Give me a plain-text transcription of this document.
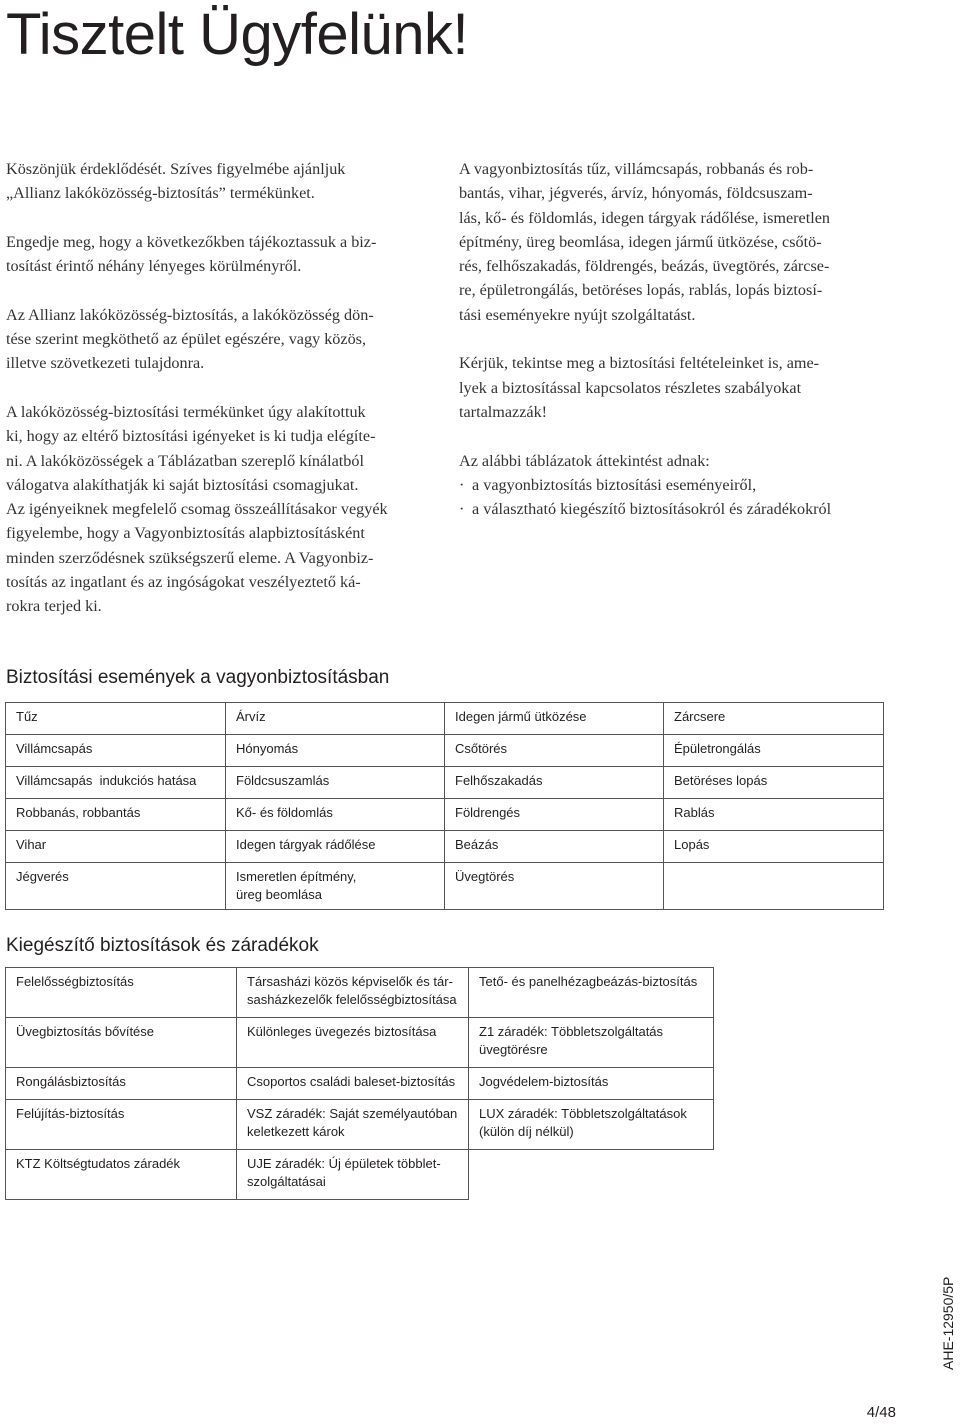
Tisztelt Ügyfelünk!

Köszönjük érdeklődését. Szíves figyelmébe ajánljuk
„Allianz lakóközösség-biztosítás” termékünket.

Engedje meg, hogy a következőkben tájékoztassuk a biz-
tosítást érintő néhány lényeges körülményről.

Az Allianz lakóközösség-biztosítás, a lakóközösség dön-
tése szerint megköthető az épület egészére, vagy közös,
illetve szövetkezeti tulajdonra.

A lakóközösség-biztosítási termékünket úgy alakítottuk
ki, hogy az eltérő biztosítási igényeket is ki tudja elégíte-
ni. A lakóközösségek a Táblázatban szereplő kínálatból
válogatva alakíthatják ki saját biztosítási csomagjukat.
Az igényeiknek megfelelő csomag összeállításakor vegyék
figyelembe, hogy a Vagyonbiztosítás alapbiztosításként
minden szerződésnek szükségszerű eleme. A Vagyonbiz-
tosítás az ingatlant és az ingóságokat veszélyeztető ká-
rokra terjed ki.

A vagyonbiztosítás tűz, villámcsapás, robbanás és rob-
bantás, vihar, jégverés, árvíz, hónyomás, földcsuszam-
lás, kő- és földomlás, idegen tárgyak rádőlése, ismeretlen
építmény, üreg beomlása, idegen jármű ütközése, csőtö-
rés, felhőszakadás, földrengés, beázás, üvegtörés, zárcse-
re, épületrongálás, betöréses lopás, rablás, lopás biztosí-
tási eseményekre nyújt szolgáltatást.

Kérjük, tekintse meg a biztosítási feltételeinket is, ame-
lyek a biztosítással kapcsolatos részletes szabályokat
tartalmazzák!

Az alábbi táblázatok áttekintést adnak:

· a vagyonbiztosítás biztosítási eseményeiről,
· a választható kiegészítő biztosításokról és záradékokról
Biztosítási események a vagyonbiztosításban
Tűz	Árvíz	Idegen jármű ütközése	Zárcsere
Villámcsapás	Hónyomás	Csőtörés	Épületrongálás
Villámcsapás  indukciós hatása	Földcsuszamlás	Felhőszakadás	Betöréses lopás
Robbanás, robbantás	Kő- és földomlás	Földrengés	Rablás
Vihar	Idegen tárgyak rádőlése	Beázás	Lopás
Jégverés	Ismeretlen építmény, üreg beomlása	Üvegtörés	
Kiegészítő biztosítások és záradékok
Felelősségbiztosítás	Társasházi közös képviselők és tár-sasházkezelők felelősségbiztosítása	Tető- és panelhézagbeázás-biztosítás
Üvegbiztosítás bővítése	Különleges üvegezés biztosítása	Z1 záradék: Többletszolgáltatás üvegtörésre
Rongálásbiztosítás	Csoportos családi baleset-biztosítás	Jogvédelem-biztosítás
Felújítás-biztosítás	VSZ záradék: Saját személyautóban keletkezett károk	LUX záradék: Többletszolgáltatások (külön díj nélkül)
KTZ Költségtudatos záradék	UJE záradék: Új épületek többlet-szolgáltatásai	
AHE-12950/5P
4/48
